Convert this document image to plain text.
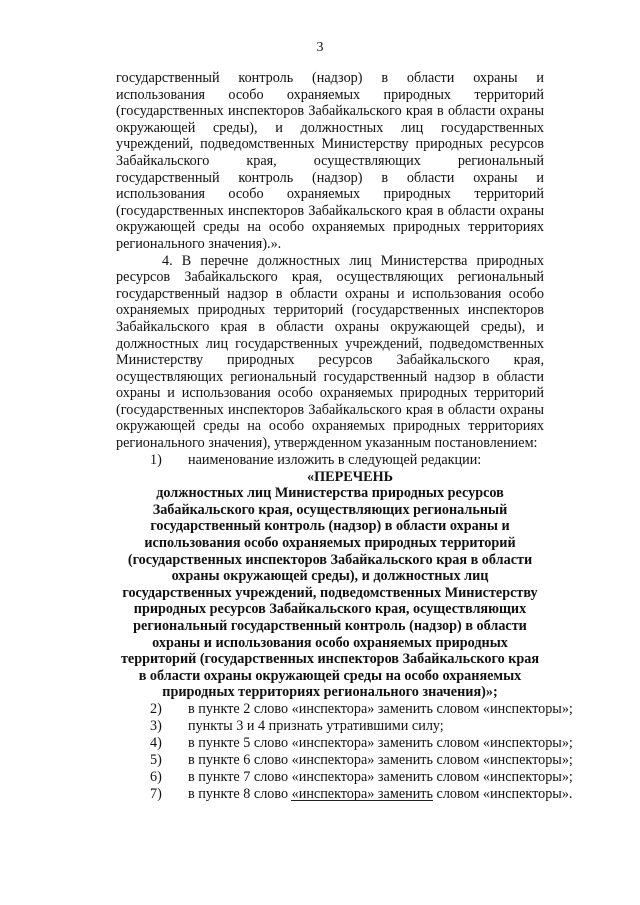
3

государственный контроль (надзор) в области охраны и использования особо охраняемых природных территорий (государственных инспекторов Забайкальского края в области охраны окружающей среды), и должностных лиц государственных учреждений, подведомственных Министерству природных ресурсов Забайкальского края, осуществляющих региональный государственный контроль (надзор) в области охраны и использования особо охраняемых природных территорий (государственных инспекторов Забайкальского края в области охраны окружающей среды на особо охраняемых природных территориях регионального значения).».

4. В перечне должностных лиц Министерства природных ресурсов Забайкальского края, осуществляющих региональный государственный надзор в области охраны и использования особо охраняемых природных территорий (государственных инспекторов Забайкальского края в области охраны окружающей среды), и должностных лиц государственных учреждений, подведомственных Министерству природных ресурсов Забайкальского края, осуществляющих региональный государственный надзор в области охраны и использования особо охраняемых природных территорий (государственных инспекторов Забайкальского края в области охраны окружающей среды на особо охраняемых природных территориях регионального значения), утвержденном указанным постановлением:

1)	наименование изложить в следующей редакции:

«ПЕРЕЧЕНЬ

должностных лиц Министерства природных ресурсов Забайкальского края, осуществляющих региональный государственный контроль (надзор) в области охраны и использования особо охраняемых природных территорий (государственных инспекторов Забайкальского края в области охраны окружающей среды), и должностных лиц государственных учреждений, подведомственных Министерству природных ресурсов Забайкальского края, осуществляющих региональный государственный контроль (надзор) в области охраны и использования особо охраняемых природных территорий (государственных инспекторов Забайкальского края в области охраны окружающей среды на особо охраняемых природных территориях регионального значения)»;

2)	в пункте 2 слово «инспектора» заменить словом «инспекторы»;
3)	пункты 3 и 4 признать утратившими силу;
4)	в пункте 5 слово «инспектора» заменить словом «инспекторы»;
5)	в пункте 6 слово «инспектора» заменить словом «инспекторы»;
6)	в пункте 7 слово «инспектора» заменить словом «инспекторы»;
7)	в пункте 8 слово «инспектора» заменить словом «инспекторы».
